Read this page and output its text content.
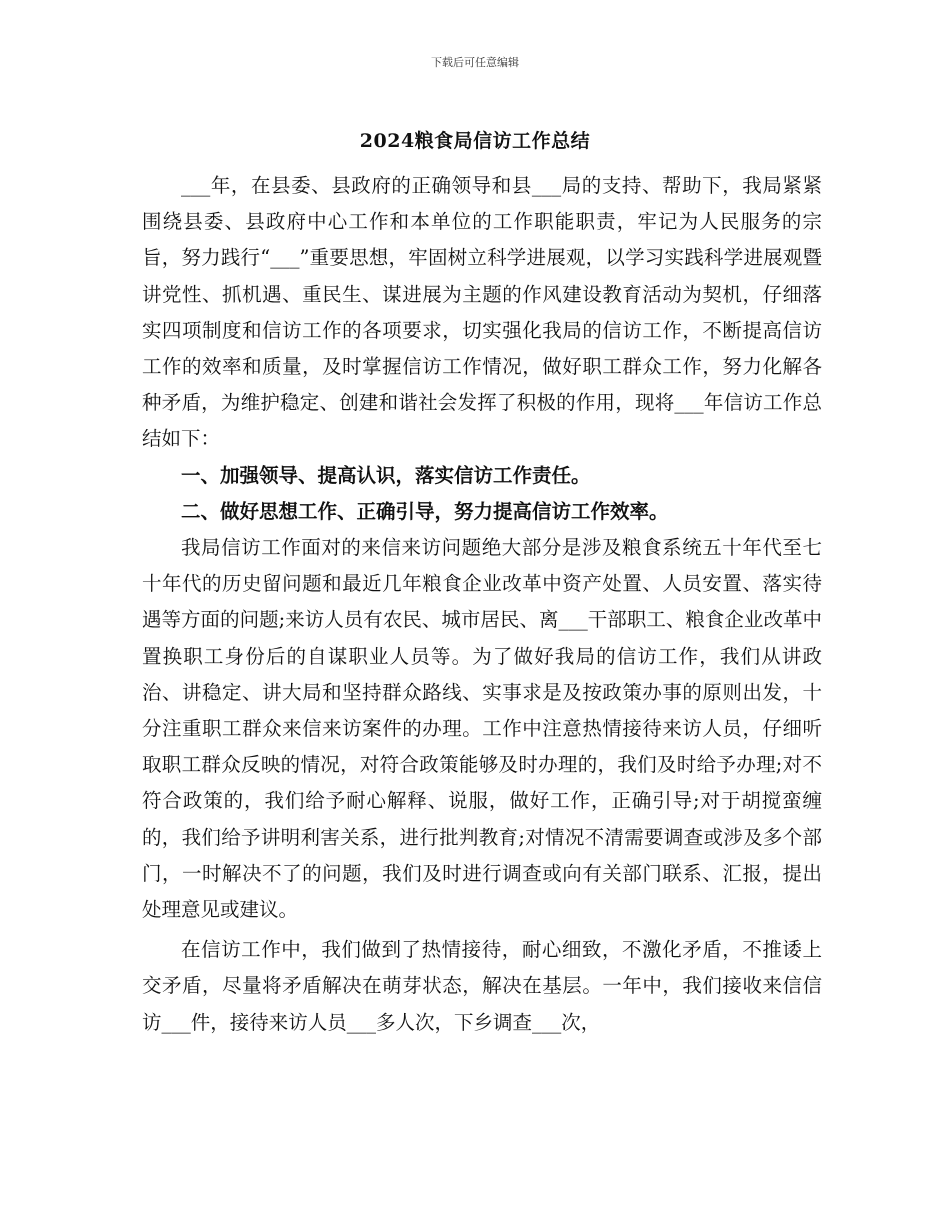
下载后可任意编辑
2024粮食局信访工作总结

___年，在县委、县政府的正确领导和县___局的支持、帮助下，我局紧紧围绕县委、县政府中心工作和本单位的工作职能职责，牢记为人民服务的宗旨，努力践行“___”重要思想，牢固树立科学进展观，以学习实践科学进展观暨讲党性、抓机遇、重民生、谋进展为主题的作风建设教育活动为契机，仔细落实四项制度和信访工作的各项要求，切实强化我局的信访工作，不断提高信访工作的效率和质量，及时掌握信访工作情况，做好职工群众工作，努力化解各种矛盾，为维护稳定、创建和谐社会发挥了积极的作用，现将___年信访工作总结如下：

一、加强领导、提高认识，落实信访工作责任。

二、做好思想工作、正确引导，努力提高信访工作效率。

我局信访工作面对的来信来访问题绝大部分是涉及粮食系统五十年代至七十年代的历史留问题和最近几年粮食企业改革中资产处置、人员安置、落实待遇等方面的问题;来访人员有农民、城市居民、离___干部职工、粮食企业改革中置换职工身份后的自谋职业人员等。为了做好我局的信访工作，我们从讲政治、讲稳定、讲大局和坚持群众路线、实事求是及按政策办事的原则出发，十分注重职工群众来信来访案件的办理。工作中注意热情接待来访人员，仔细听取职工群众反映的情况，对符合政策能够及时办理的，我们及时给予办理;对不符合政策的，我们给予耐心解释、说服，做好工作，正确引导;对于胡搅蛮缠的，我们给予讲明利害关系，进行批判教育;对情况不清需要调查或涉及多个部门，一时解决不了的问题，我们及时进行调查或向有关部门联系、汇报，提出处理意见或建议。

在信访工作中，我们做到了热情接待，耐心细致，不激化矛盾，不推诿上交矛盾，尽量将矛盾解决在萌芽状态，解决在基层。一年中，我们接收来信信访___件，接待来访人员___多人次，下乡调查___次，
